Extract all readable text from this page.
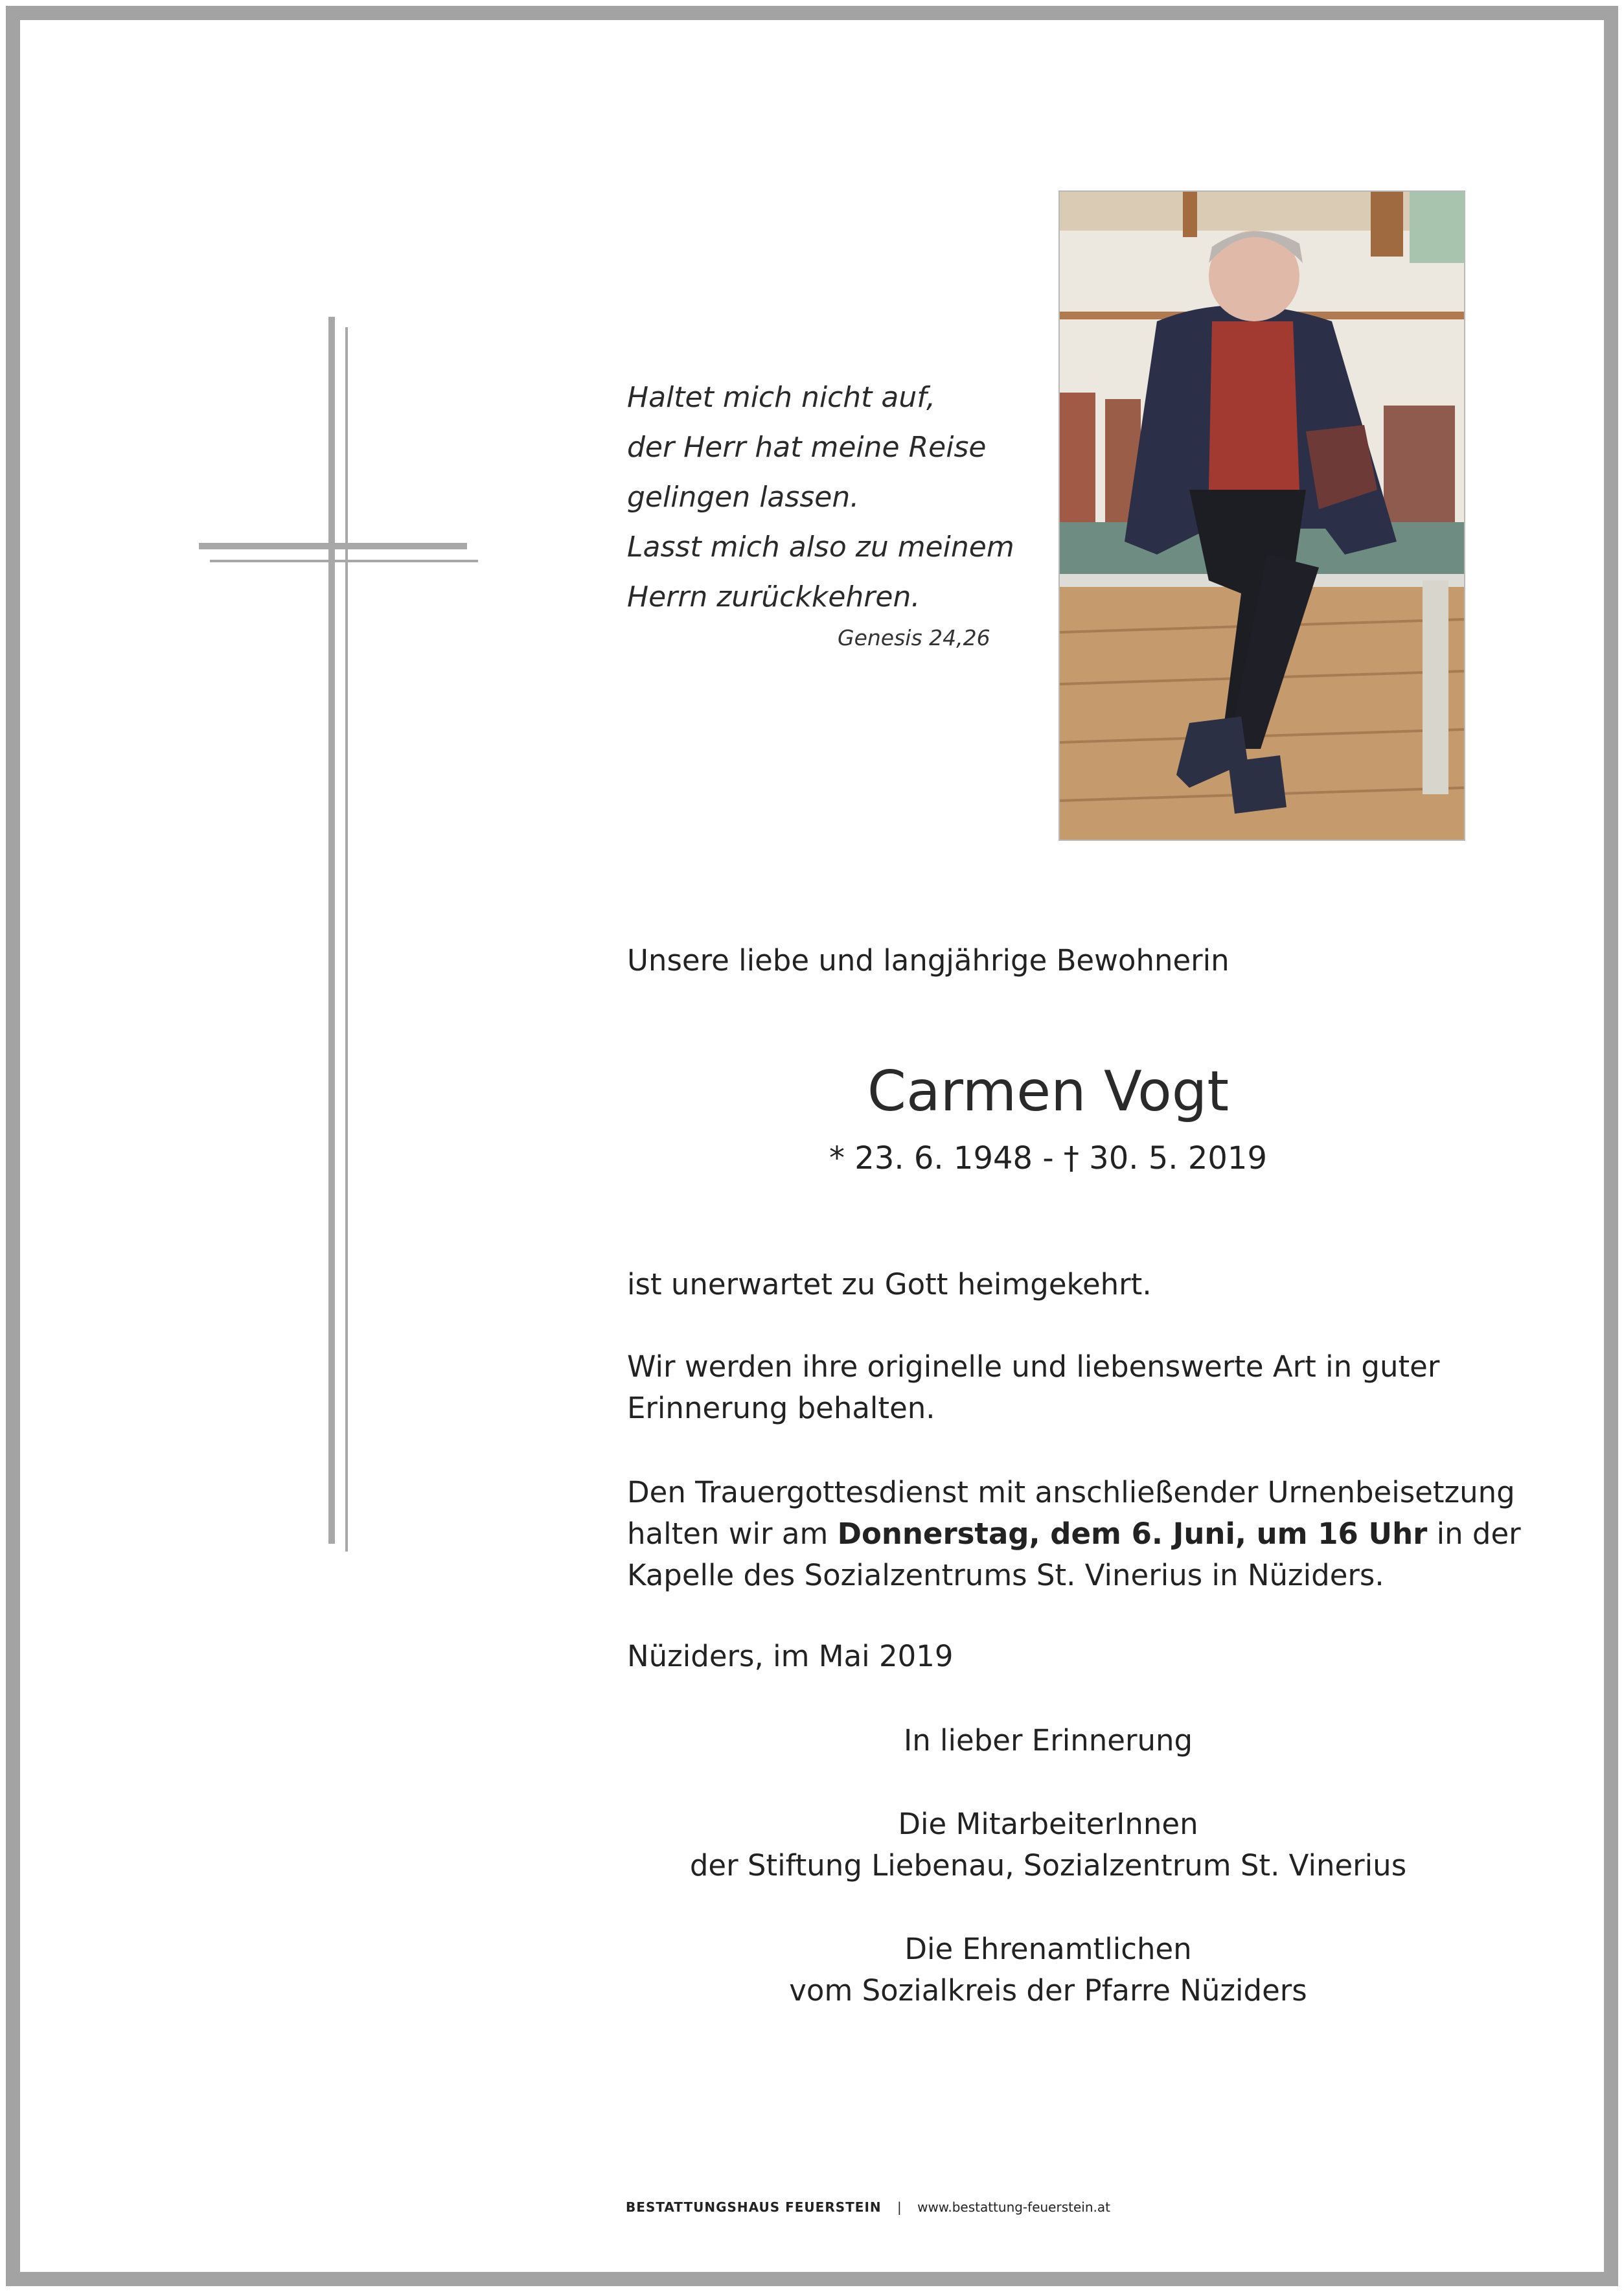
Haltet mich nicht auf,
der Herr hat meine Reise
gelingen lassen.
Lasst mich also zu meinem
Herrn zurückkehren.
Genesis 24,26
Unsere liebe und langjährige Bewohnerin
Carmen Vogt
* 23. 6. 1948 - † 30. 5. 2019
ist unerwartet zu Gott heimgekehrt.
Wir werden ihre originelle und liebenswerte Art in guter
Erinnerung behalten.
Den Trauergottesdienst mit anschließender Urnenbeisetzung
halten wir am Donnerstag, dem 6. Juni, um 16 Uhr in der
Kapelle des Sozialzentrums St. Vinerius in Nüziders.
Nüziders, im Mai 2019
In lieber Erinnerung
Die MitarbeiterInnen
der Stiftung Liebenau, Sozialzentrum St. Vinerius
Die Ehrenamtlichen
vom Sozialkreis der Pfarre Nüziders
BESTATTUNGSHAUS FEUERSTEIN | www.bestattung-feuerstein.at
